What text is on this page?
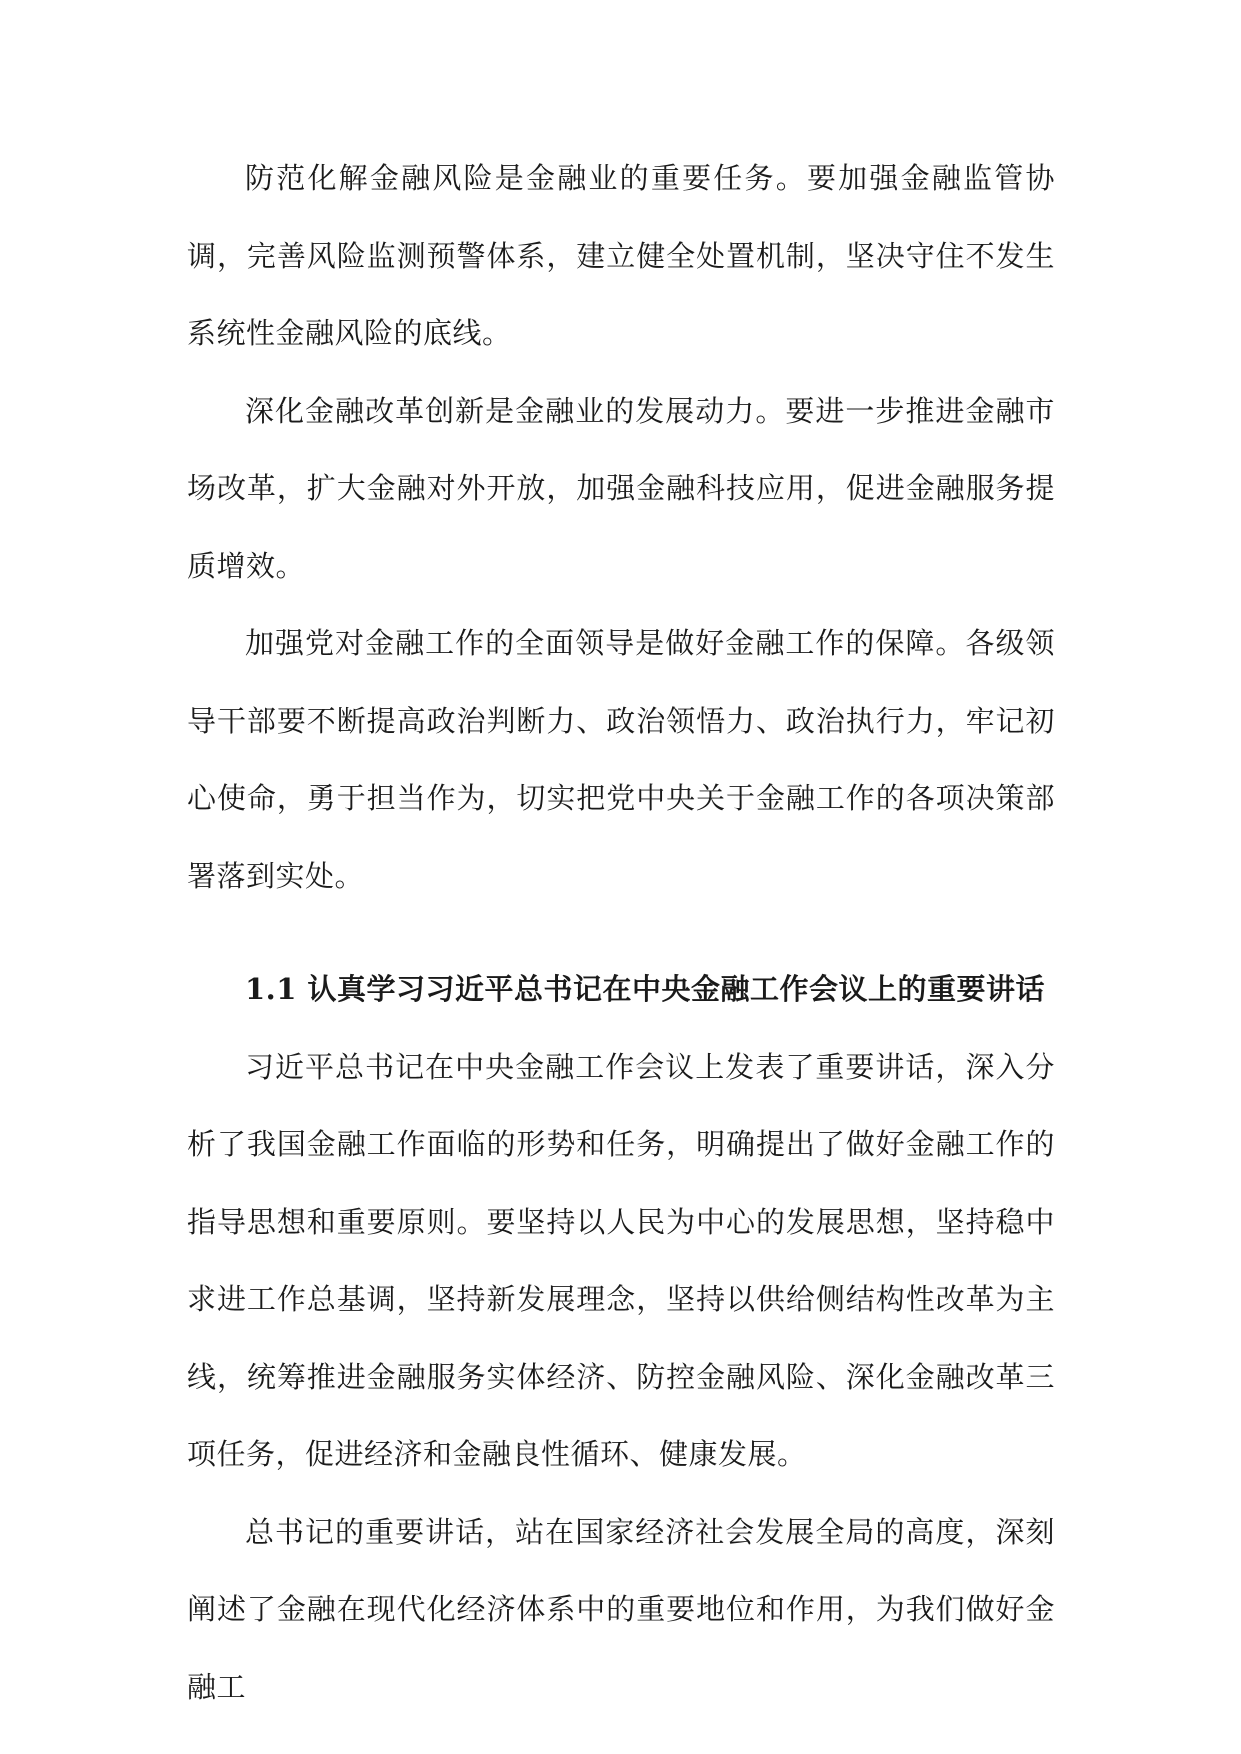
防范化解金融风险是金融业的重要任务。要加强金融监管协调，完善风险监测预警体系，建立健全处置机制，坚决守住不发生系统性金融风险的底线。

深化金融改革创新是金融业的发展动力。要进一步推进金融市场改革，扩大金融对外开放，加强金融科技应用，促进金融服务提质增效。

加强党对金融工作的全面领导是做好金融工作的保障。各级领导干部要不断提高政治判断力、政治领悟力、政治执行力，牢记初心使命，勇于担当作为，切实把党中央关于金融工作的各项决策部署落到实处。

1.1 认真学习习近平总书记在中央金融工作会议上的重要讲话

习近平总书记在中央金融工作会议上发表了重要讲话，深入分析了我国金融工作面临的形势和任务，明确提出了做好金融工作的指导思想和重要原则。要坚持以人民为中心的发展思想，坚持稳中求进工作总基调，坚持新发展理念，坚持以供给侧结构性改革为主线，统筹推进金融服务实体经济、防控金融风险、深化金融改革三项任务，促进经济和金融良性循环、健康发展。

总书记的重要讲话，站在国家经济社会发展全局的高度，深刻阐述了金融在现代化经济体系中的重要地位和作用，为我们做好金融工
